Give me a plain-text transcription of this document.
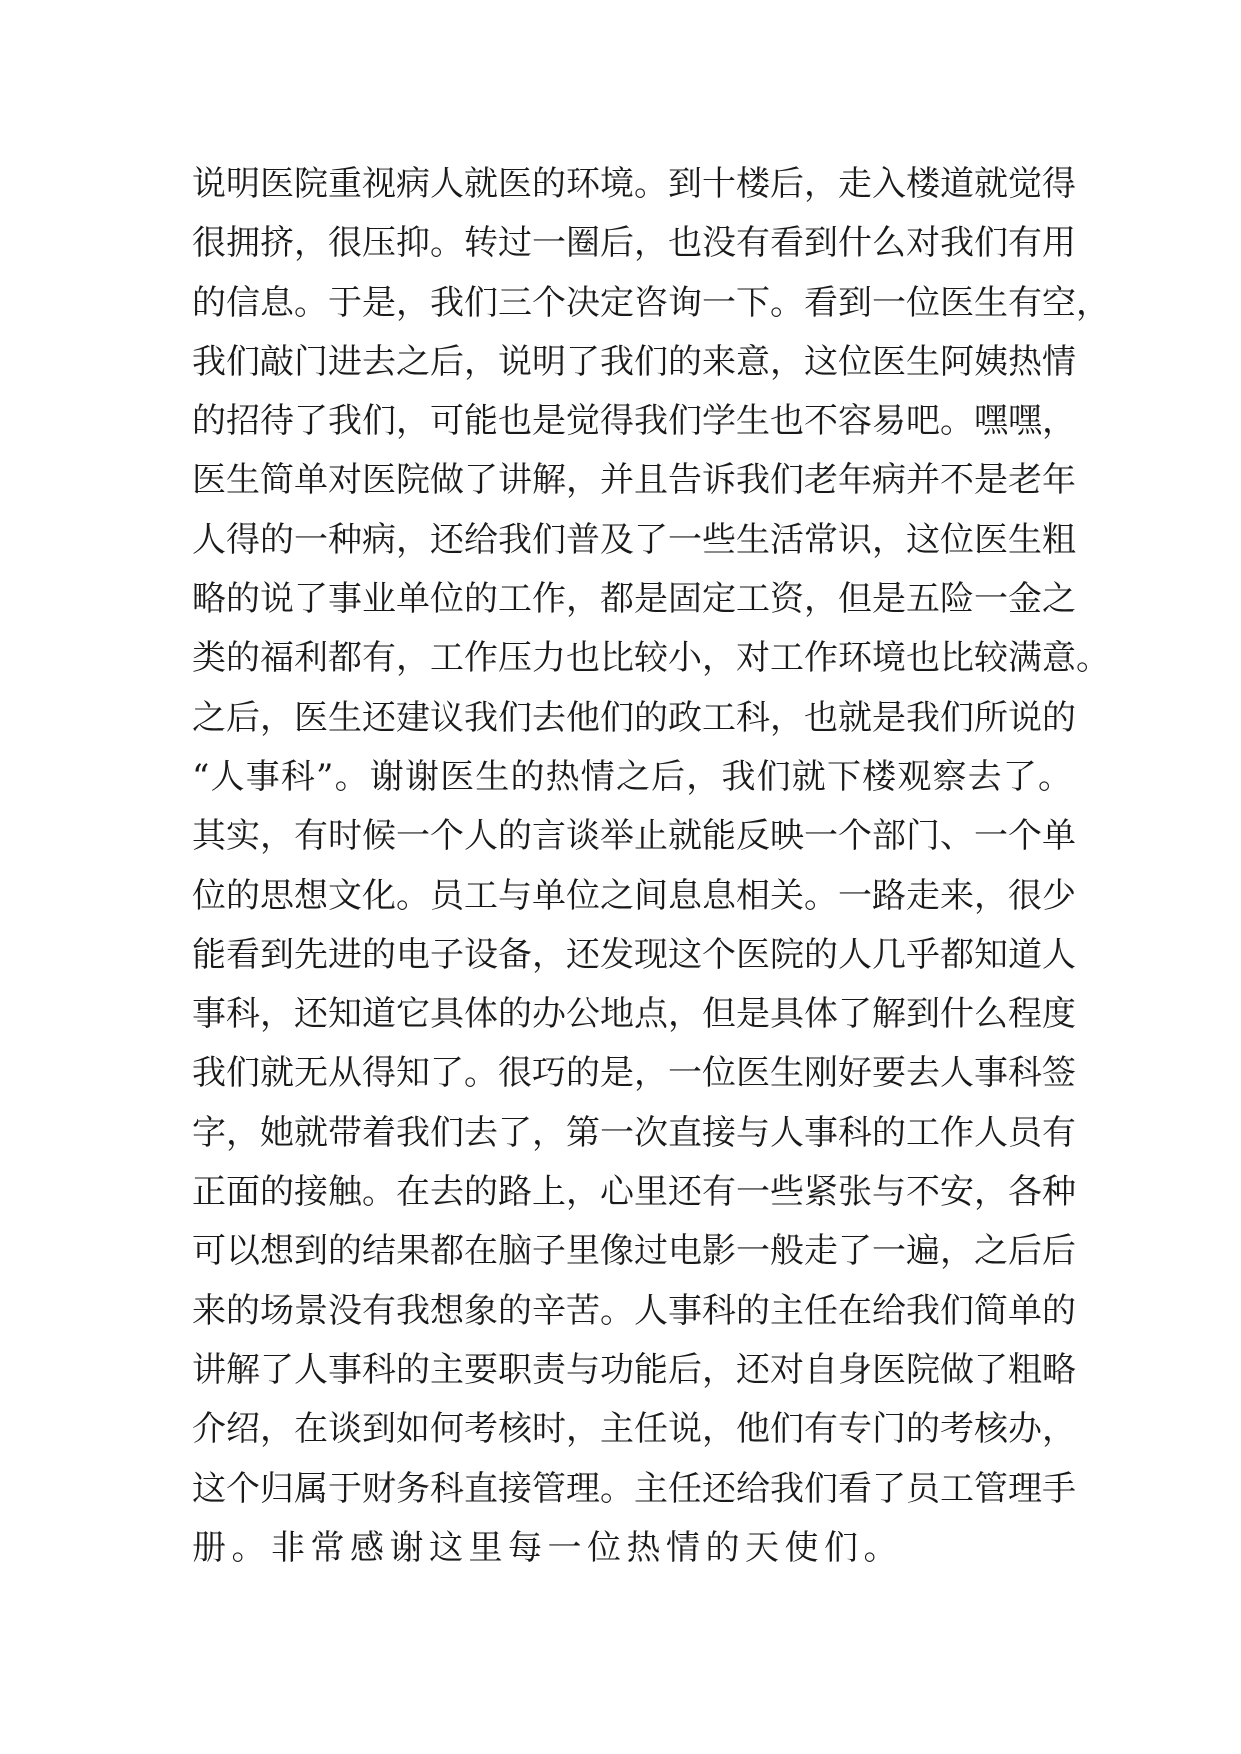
说明医院重视病人就医的环境。到十楼后，走入楼道就觉得
很拥挤，很压抑。转过一圈后，也没有看到什么对我们有用
的信息。于是，我们三个决定咨询一下。看到一位医生有空，
我们敲门进去之后，说明了我们的来意，这位医生阿姨热情
的招待了我们，可能也是觉得我们学生也不容易吧。嘿嘿，
医生简单对医院做了讲解，并且告诉我们老年病并不是老年
人得的一种病，还给我们普及了一些生活常识，这位医生粗
略的说了事业单位的工作，都是固定工资，但是五险一金之
类的福利都有，工作压力也比较小，对工作环境也比较满意。
之后，医生还建议我们去他们的政工科，也就是我们所说的
“人事科”。谢谢医生的热情之后，我们就下楼观察去了。
其实，有时候一个人的言谈举止就能反映一个部门、一个单
位的思想文化。员工与单位之间息息相关。一路走来，很少
能看到先进的电子设备，还发现这个医院的人几乎都知道人
事科，还知道它具体的办公地点，但是具体了解到什么程度
我们就无从得知了。很巧的是，一位医生刚好要去人事科签
字，她就带着我们去了，第一次直接与人事科的工作人员有
正面的接触。在去的路上，心里还有一些紧张与不安，各种
可以想到的结果都在脑子里像过电影一般走了一遍，之后后
来的场景没有我想象的辛苦。人事科的主任在给我们简单的
讲解了人事科的主要职责与功能后，还对自身医院做了粗略
介绍，在谈到如何考核时，主任说，他们有专门的考核办，
这个归属于财务科直接管理。主任还给我们看了员工管理手
册。非常感谢这里每一位热情的天使们。
